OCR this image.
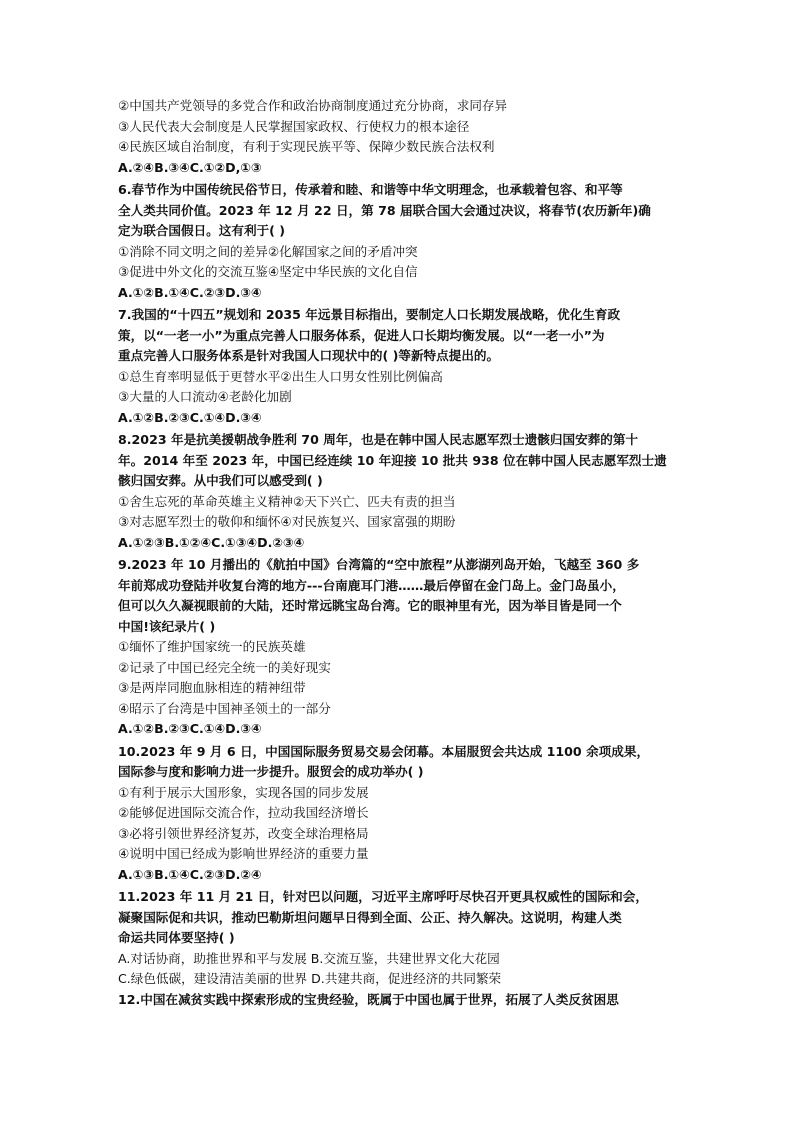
②中国共产党领导的多党合作和政治协商制度通过充分协商，求同存异
③人民代表大会制度是人民掌握国家政权、行使权力的根本途径
④民族区域自治制度，有利于实现民族平等、保障少数民族合法权利
A.②④B.③④C.①②D,①③
6.春节作为中国传统民俗节日，传承着和睦、和谐等中华文明理念，也承载着包容、和平等
全人类共同价值。2023 年 12 月 22 日，第 78 届联合国大会通过决议，将春节(农历新年)确
定为联合国假日。这有利于( )
①消除不同文明之间的差异②化解国家之间的矛盾冲突
③促进中外文化的交流互鉴④坚定中华民族的文化自信
A.①②B.①④C.②③D.③④
7.我国的“十四五”规划和 2035 年远景目标指出，要制定人口长期发展战略，优化生育政
策，以“一老一小”为重点完善人口服务体系，促进人口长期均衡发展。以“一老一小”为
重点完善人口服务体系是针对我国人口现状中的( )等新特点提出的。
①总生育率明显低于更替水平②出生人口男女性别比例偏高
③大量的人口流动④老龄化加剧
A.①②B.②③C.①④D.③④
8.2023 年是抗美援朝战争胜利 70 周年，也是在韩中国人民志愿军烈士遗骸归国安葬的第十
年。2014 年至 2023 年，中国已经连续 10 年迎接 10 批共 938 位在韩中国人民志愿军烈士遗
骸归国安葬。从中我们可以感受到( )
①舍生忘死的革命英雄主义精神②天下兴亡、匹夫有责的担当
③对志愿军烈士的敬仰和缅怀④对民族复兴、国家富强的期盼
A.①②③B.①②④C.①③④D.②③④
9.2023 年 10 月播出的《航拍中国》台湾篇的“空中旅程”从澎湖列岛开始，飞越至 360 多
年前郑成功登陆并收复台湾的地方---台南鹿耳门港……最后停留在金门岛上。金门岛虽小，
但可以久久凝视眼前的大陆，还时常远眺宝岛台湾。它的眼神里有光，因为举目皆是同一个
中国!该纪录片( )
①缅怀了维护国家统一的民族英雄
②记录了中国已经完全统一的美好现实
③是两岸同胞血脉相连的精神纽带
④昭示了台湾是中国神圣领土的一部分
A.①②B.②③C.①④D.③④
10.2023 年 9 月 6 日，中国国际服务贸易交易会闭幕。本届服贸会共达成 1100 余项成果，
国际参与度和影响力进一步提升。服贸会的成功举办( )
①有利于展示大国形象，实现各国的同步发展
②能够促进国际交流合作，拉动我国经济增长
③必将引领世界经济复苏，改变全球治理格局
④说明中国已经成为影响世界经济的重要力量
A.①③B.①④C.②③D.②④
11.2023 年 11 月 21 日，针对巴以问题，习近平主席呼吁尽快召开更具权威性的国际和会，
凝聚国际促和共识，推动巴勒斯坦问题早日得到全面、公正、持久解决。这说明，构建人类
命运共同体要坚持( )
A.对话协商，助推世界和平与发展 B.交流互鉴，共建世界文化大花园
C.绿色低碳，建设清洁美丽的世界 D.共建共商，促进经济的共同繁荣
12.中国在减贫实践中探索形成的宝贵经验，既属于中国也属于世界，拓展了人类反贫困思
